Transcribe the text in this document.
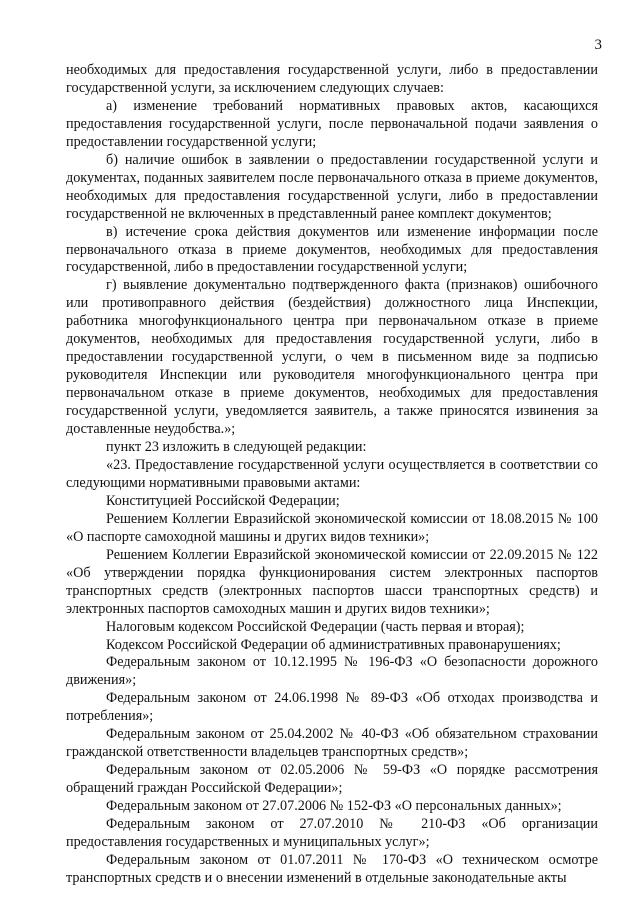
3

необходимых для предоставления государственной услуги, либо в предоставлении государственной услуги, за исключением следующих случаев:

а) изменение требований нормативных правовых актов, касающихся предоставления государственной услуги, после первоначальной подачи заявления о предоставлении государственной услуги;

б) наличие ошибок в заявлении о предоставлении государственной услуги и документах, поданных заявителем после первоначального отказа в приеме документов, необходимых для предоставления государственной услуги, либо в предоставлении государственной не включенных в представленный ранее комплект документов;

в) истечение срока действия документов или изменение информации после первоначального отказа в приеме документов, необходимых для предоставления государственной, либо в предоставлении государственной услуги;

г) выявление документально подтвержденного факта (признаков) ошибочного или противоправного действия (бездействия) должностного лица Инспекции, работника многофункционального центра при первоначальном отказе в приеме документов, необходимых для предоставления государственной услуги, либо в предоставлении государственной услуги, о чем в письменном виде за подписью руководителя Инспекции или руководителя многофункционального центра при первоначальном отказе в приеме документов, необходимых для предоставления государственной услуги, уведомляется заявитель, а также приносятся извинения за доставленные неудобства.»;

пункт 23 изложить в следующей редакции:

«23. Предоставление государственной услуги осуществляется в соответствии со следующими нормативными правовыми актами:

Конституцией Российской Федерации;

Решением Коллегии Евразийской экономической комиссии от 18.08.2015 № 100 «О паспорте самоходной машины и других видов техники»;

Решением Коллегии Евразийской экономической комиссии от 22.09.2015 № 122 «Об утверждении порядка функционирования систем электронных паспортов транспортных средств (электронных паспортов шасси транспортных средств) и электронных паспортов самоходных машин и других видов техники»;

Налоговым кодексом Российской Федерации (часть первая и вторая);

Кодексом Российской Федерации об административных правонарушениях;

Федеральным законом от 10.12.1995 № 196-ФЗ «О безопасности дорожного движения»;

Федеральным законом от 24.06.1998 № 89-ФЗ «Об отходах производства и потребления»;

Федеральным законом от 25.04.2002 № 40-ФЗ «Об обязательном страховании гражданской ответственности владельцев транспортных средств»;

Федеральным законом от 02.05.2006 № 59-ФЗ «О порядке рассмотрения обращений граждан Российской Федерации»;

Федеральным законом от 27.07.2006 № 152-ФЗ «О персональных данных»;

Федеральным законом от 27.07.2010 № 210-ФЗ «Об организации предоставления государственных и муниципальных услуг»;

Федеральным законом от 01.07.2011 № 170-ФЗ «О техническом осмотре транспортных средств и о внесении изменений в отдельные законодательные акты
